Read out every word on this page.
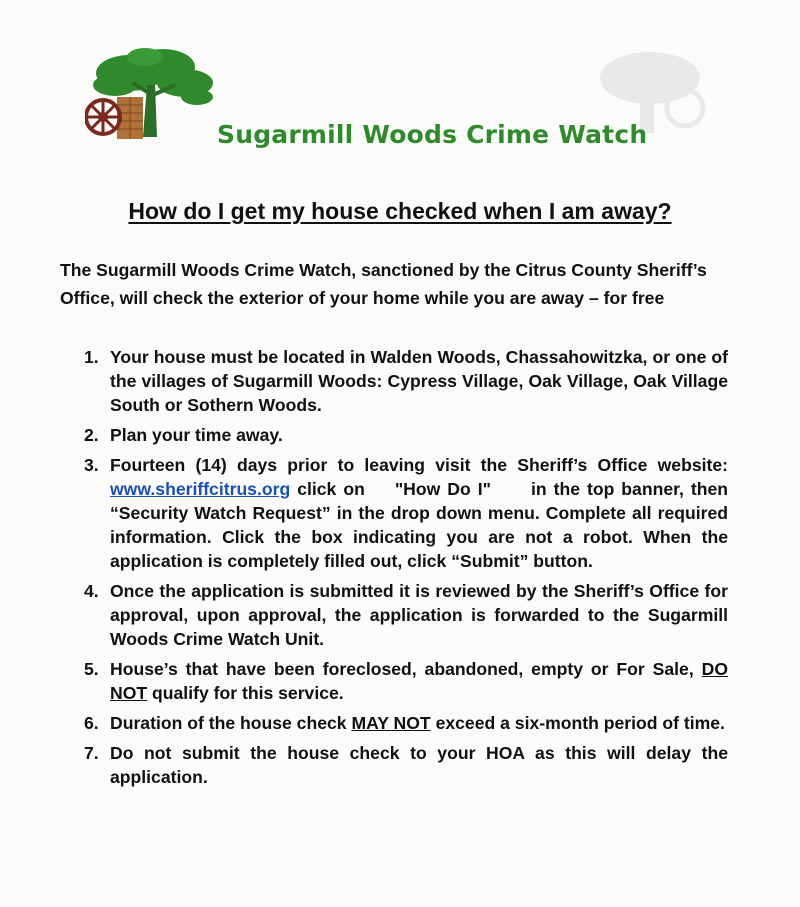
Sugarmill Woods Crime Watch
How do I get my house checked when I am away?
The Sugarmill Woods Crime Watch, sanctioned by the Citrus County Sheriff’s Office, will check the exterior of your home while you are away – for free
1. Your house must be located in Walden Woods, Chassahowitzka, or one of the villages of Sugarmill Woods: Cypress Village, Oak Village, Oak Village South or Sothern Woods.
2. Plan your time away.
3. Fourteen (14) days prior to leaving visit the Sheriff’s Office website: www.sheriffcitrus.org click on "How Do I" in the top banner, then “Security Watch Request” in the drop down menu. Complete all required information. Click the box indicating you are not a robot. When the application is completely filled out, click “Submit” button.
4. Once the application is submitted it is reviewed by the Sheriff’s Office for approval, upon approval, the application is forwarded to the Sugarmill Woods Crime Watch Unit.
5. House’s that have been foreclosed, abandoned, empty or For Sale, DO NOT qualify for this service.
6. Duration of the house check MAY NOT exceed a six-month period of time.
7. Do not submit the house check to your HOA as this will delay the application.
